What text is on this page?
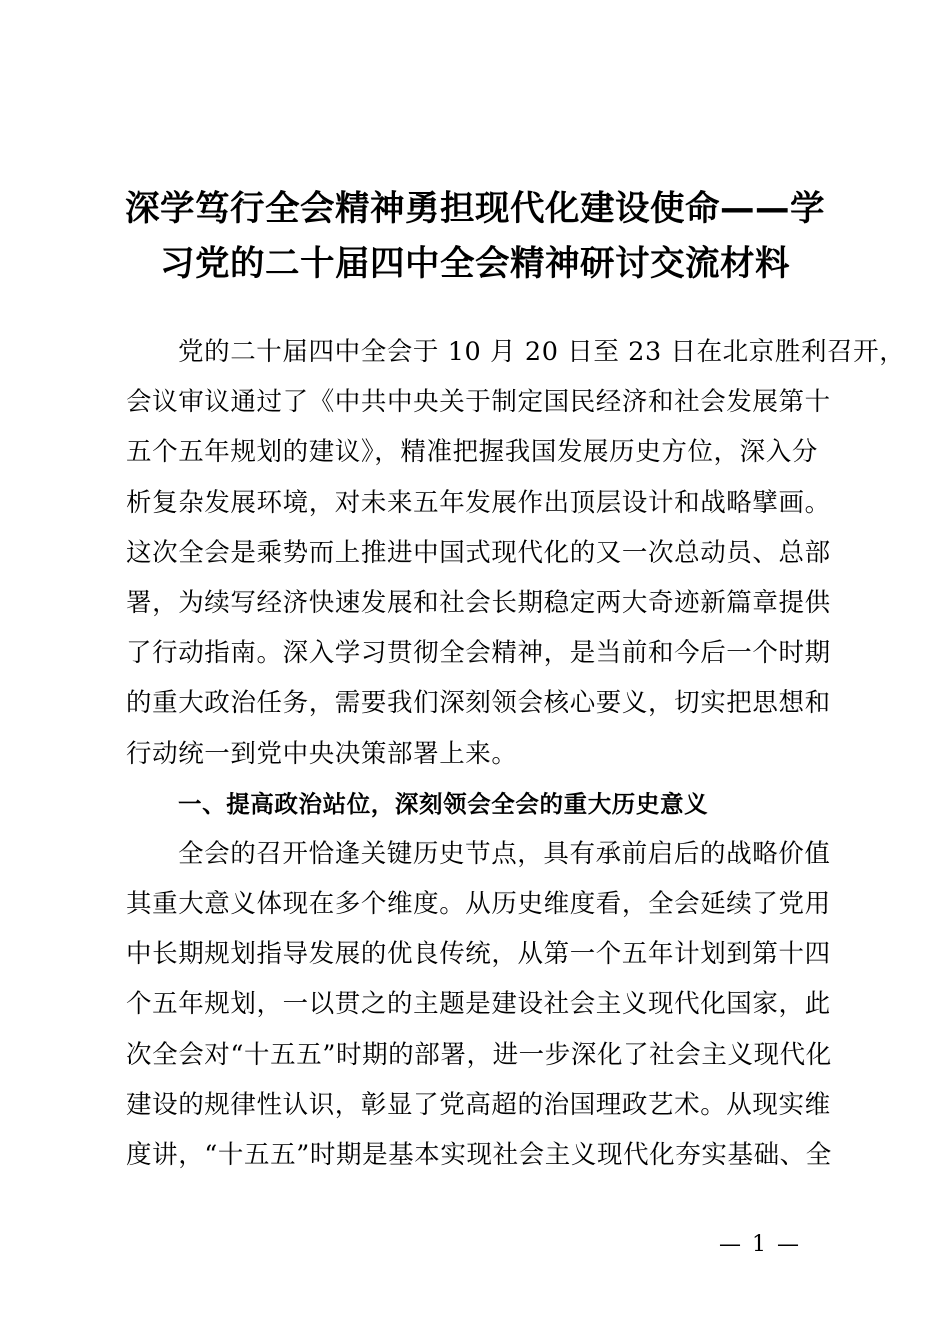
深学笃行全会精神勇担现代化建设使命——学
习党的二十届四中全会精神研讨交流材料
党的二十届四中全会于 10 月 20 日至 23 日在北京胜利召开，
会议审议通过了《中共中央关于制定国民经济和社会发展第十
五个五年规划的建议》，精准把握我国发展历史方位，深入分
析复杂发展环境，对未来五年发展作出顶层设计和战略擘画。
这次全会是乘势而上推进中国式现代化的又一次总动员、总部
署，为续写经济快速发展和社会长期稳定两大奇迹新篇章提供
了行动指南。深入学习贯彻全会精神，是当前和今后一个时期
的重大政治任务，需要我们深刻领会核心要义，切实把思想和
行动统一到党中央决策部署上来。
一、提高政治站位，深刻领会全会的重大历史意义
全会的召开恰逢关键历史节点，具有承前启后的战略价值
其重大意义体现在多个维度。从历史维度看，全会延续了党用
中长期规划指导发展的优良传统，从第一个五年计划到第十四
个五年规划，一以贯之的主题是建设社会主义现代化国家，此
次全会对“十五五”时期的部署，进一步深化了社会主义现代化
建设的规律性认识，彰显了党高超的治国理政艺术。从现实维
度讲，“十五五”时期是基本实现社会主义现代化夯实基础、全
— 1 —
